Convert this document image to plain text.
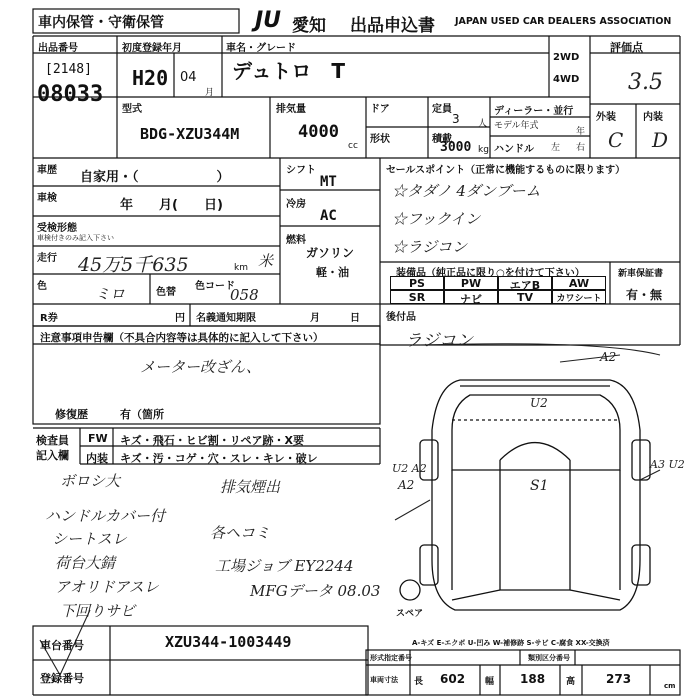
車内保管・守衛保管	JU 愛知 出品申込書 JAPAN USED CAR DEALERS ASSOCIATION
出品番号
[2148]
08033
初度登録年月
H20 04
月
車名・グレード
デュトロ　T
2WD
4WD
評価点
3.5
外装	内装
C D
型式
BDG-XZU344M
排気量
4000
cc
ドア
形状
定員
3 人
積載
3000 kg
ディーラー・並行
モデル年式
年
ハンドル 左 右
車歴 自家用・（　　　　　　）
車検	年　　月(　　日)
受検形態
車検付きのみ記入下さい
走行 45万5千635	km 米
色	ミロ	色替
色コード
058
シフト
MT
冷房
AC
燃料
ガソリン
軽・油
セールスポイント（正常に機能するものに限ります）
☆タダノ 4ダンブーム
☆フックイン
☆ラジコン
装備品（純正品に限り○を付けて下さい）
PS	PW	エアB	AW
SR	ナビ	TV	カワシート
新車保証書
有・無
R券	円 名義通知期限	月	日	後付品
ラジコン
注意事項申告欄（不具合内容等は具体的に記入して下さい）
メーター改ざん、
修復歴	有（箇所
検査員
記入欄
FW キズ・飛石・ヒビ割・リペア跡・X要
内装 キズ・汚・コゲ・穴・スレ・キレ・破レ
ボロシ大	排気煙出
ハンドルカバー付
シートスレ
荷台大錆
アオリドアスレ
各ヘコミ
工場ジョブ EY2244
MFGデータ 08.03
下回りサビ
A2
U2
A2
U2 A2
S1
A3 U2
スペア
A-キズ E-エクボ U-凹み W-補修跡 S-サビ C-腐食 XX-交換済
車台番号	XZU344-1003449
登録番号
形式指定番号	類別区分番号
車両寸法 長 602 幅 188 高	273	cm
